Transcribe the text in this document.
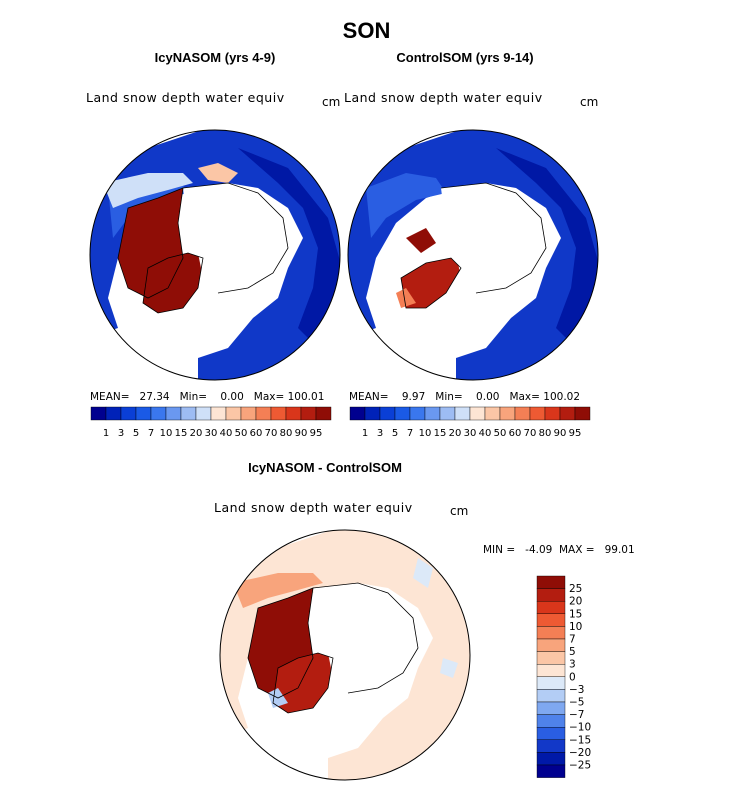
SON
IcyNASOM (yrs 4-9)
Land snow depth water equiv	cm
ControlSOM (yrs 9-14)
Land snow depth water equiv	cm
MEAN=   27.34   Min=    0.00   Max= 100.01 MEAN=    9.97   Min=    0.00   Max= 100.02
1 3 5 7 10 15 20 30 40 50 60 70 80 90 95	1 3 5 7 10 15 20 30 40 50 60 70 80 90 95
IcyNASOM - ControlSOM
Land snow depth water equiv	cm
MIN =   -4.09  MAX =   99.01
25
20
15
10
7
5
3
0
−3
−5
−7
−10
−15
−20
−25
